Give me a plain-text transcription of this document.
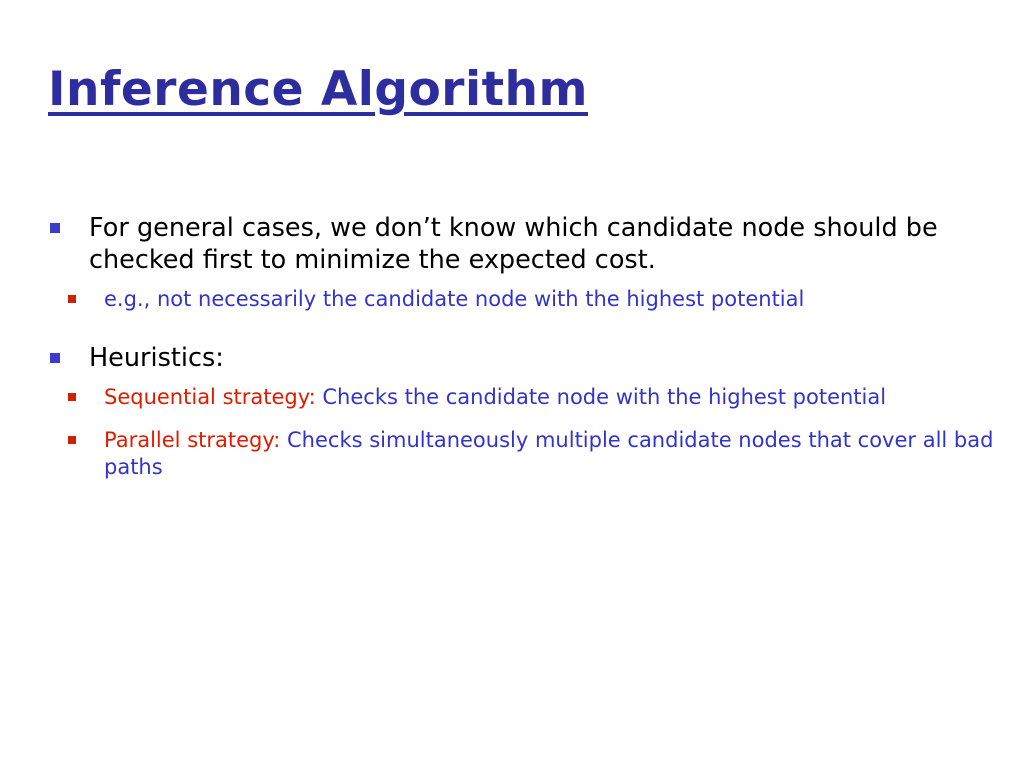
Inference Algorithm
For general cases, we don’t know which candidate node should be checked first to minimize the expected cost.
e.g., not necessarily the candidate node with the highest potential
Heuristics:
Sequential strategy: Checks the candidate node with the highest potential
Parallel strategy: Checks simultaneously multiple candidate nodes that cover all bad paths
